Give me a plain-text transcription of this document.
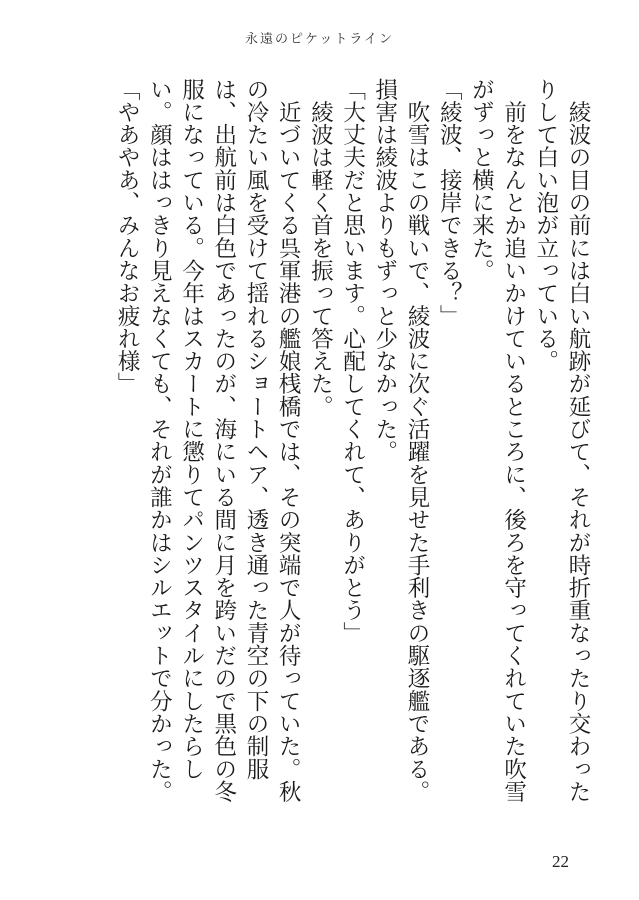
永遠のピケットライン

　綾波の目の前には白い航跡が延びて、それが時折重なったり交わったりして白い泡が立っている。

　前をなんとか追いかけているところに、後ろを守ってくれていた吹雪がずっと横に来た。

「綾波、接岸できる？」

　吹雪はこの戦いで、綾波に次ぐ活躍を見せた手利きの駆逐艦である。損害は綾波よりもずっと少なかった。

「大丈夫だと思います。心配してくれて、ありがとう」

　綾波は軽く首を振って答えた。

　近づいてくる呉軍港の艦娘桟橋では、その突端で人が待っていた。秋の冷たい風を受けて揺れるショートヘア、透き通った青空の下の制服は、出航前は白色であったのが、海にいる間に月を跨いだので黒色の冬服になっている。今年はスカートに懲りてパンツスタイルにしたらしい。顔ははっきり見えなくても、それが誰かはシルエットで分かった。

「やあやあ、みんなお疲れ様」

22
